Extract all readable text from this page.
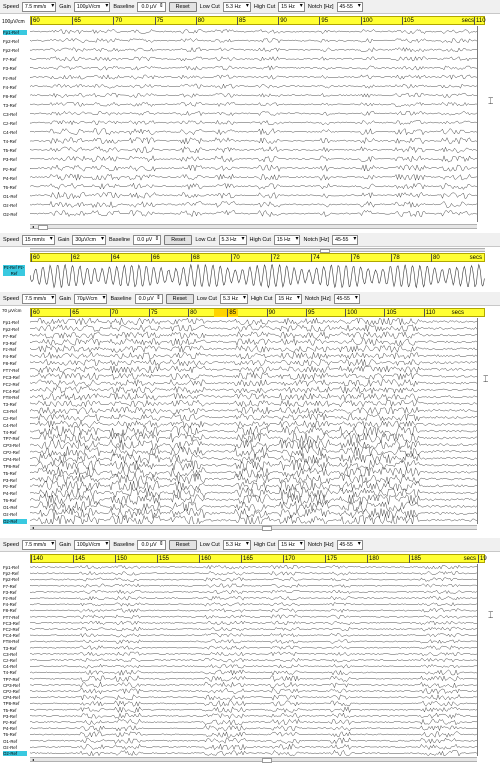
Speed	7.5 mm/s ▾	Gain	100μV/cm ▾	Baseline	0.0 μV ⇕	Reset	Low Cut	5.3 Hz ▾	High Cut	15 Hz ▾	Notch [Hz]	45-55 ▾
100μV/cm	secs 110
60	65	70	75	80	85	90	95	100	105
Fp1-Ref
Fp2-Ref
Fp2-Ref
F7-Ref
F3-Ref
Fz-Ref
F4-Ref
F8-Ref
T3-Ref
C3-Ref
Cz-Ref
C4-Ref
T4-Ref
T5-Ref
P3-Ref
Pz-Ref
P4-Ref
T6-Ref
O1-Ref
Oz-Ref
O2-Ref
⌶
◂
Speed	15 mm/s ▾	Gain	30μV/cm ▾	Baseline	0.0 μV ⇕	Reset	Low Cut	5.3 Hz ▾	High Cut	15 Hz ▾	Notch [Hz]	45-55 ▾
secs
60	62	64	66	68	70	72	74	76	78	80
Pz-Ref Pz-Ref
Speed	7.5 mm/s ▾	Gain	70μV/cm ▾	Baseline	0.0 μV ⇕	Reset	Low Cut	5.3 Hz ▾	High Cut	15 Hz ▾	Notch [Hz]	45-55 ▾
70 μV/cm	secs
60	65	70	75	80	85	90	95	100	105	110
Fp1-Ref
Fp2-Ref
F7-Ref
F3-Ref
Fz-Ref
F4-Ref
F8-Ref
FT7-Ref
FC3-Ref
FCz-Ref
FC4-Ref
FT8-Ref
T3-Ref
C3-Ref
Cz-Ref
C4-Ref
T4-Ref
TP7-Ref
CP3-Ref
CPz-Ref
CP4-Ref
TP8-Ref
T5-Ref
P3-Ref
Pz-Ref
P4-Ref
T6-Ref
O1-Ref
Oz-Ref
O2-Ref
⌶
◂
Speed	7.5 mm/s ▾	Gain	100μV/cm ▾	Baseline	0.0 μV ⇕	Reset	Low Cut	5.3 Hz ▾	High Cut	15 Hz ▾	Notch [Hz]	45-55 ▾
secs 19
140	145	150	155	160	165	170	175	180	185
Fp1-Ref
Fpz-Ref
Fp2-Ref
F7-Ref
F3-Ref
Fz-Ref
F4-Ref
F8-Ref
FT7-Ref
FC3-Ref
FCz-Ref
FC4-Ref
FT8-Ref
T3-Ref
C3-Ref
Cz-Ref
C4-Ref
T4-Ref
TP7-Ref
CP3-Ref
CPz-Ref
CP4-Ref
TP8-Ref
T5-Ref
P3-Ref
Pz-Ref
P4-Ref
T6-Ref
O1-Ref
Oz-Ref
O2-Ref
⌶
◂
